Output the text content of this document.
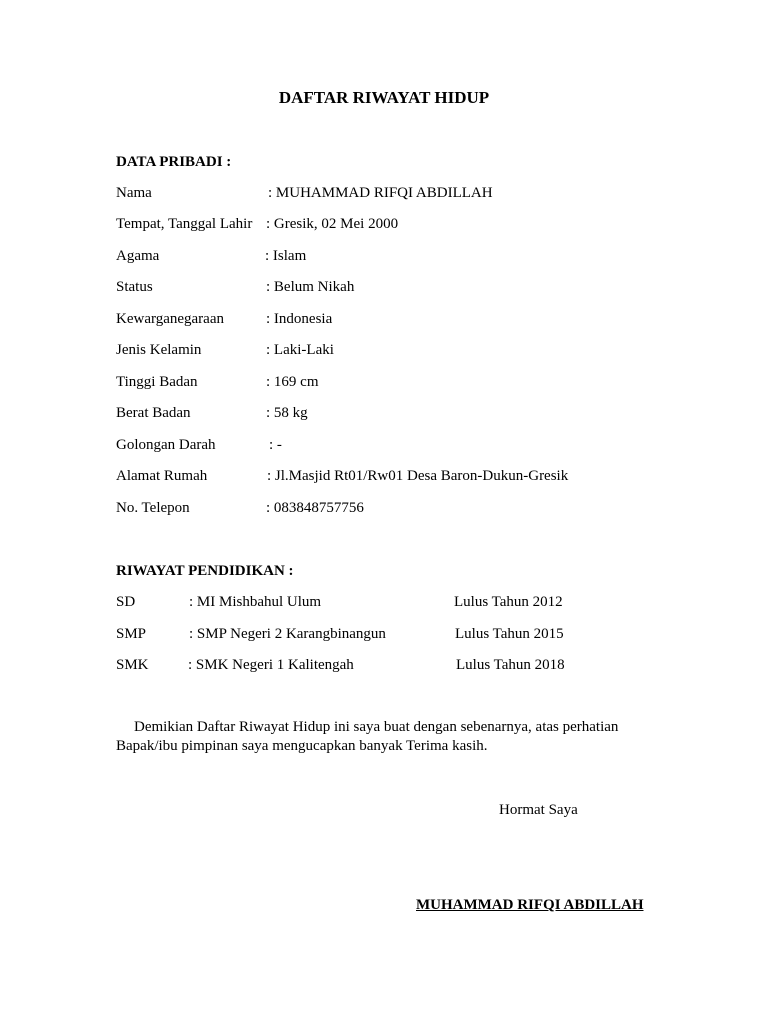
DAFTAR RIWAYAT HIDUP
DATA PRIBADI :
Nama	: MUHAMMAD RIFQI ABDILLAH
Tempat, Tanggal Lahir : Gresik, 02 Mei 2000
Agama	: Islam
Status	: Belum Nikah
Kewarganegaraan	: Indonesia
Jenis Kelamin	: Laki-Laki
Tinggi Badan	: 169 cm
Berat Badan	: 58 kg
Golongan Darah	: -
Alamat Rumah	: Jl.Masjid Rt01/Rw01 Desa Baron-Dukun-Gresik
No. Telepon	: 083848757756
RIWAYAT PENDIDIKAN :
SD	: MI Mishbahul Ulum	Lulus Tahun 2012
SMP	: SMP Negeri 2 Karangbinangun	Lulus Tahun 2015
SMK	: SMK Negeri 1 Kalitengah	Lulus Tahun 2018
Demikian Daftar Riwayat Hidup ini saya buat dengan sebenarnya, atas perhatian Bapak/ibu pimpinan saya mengucapkan banyak Terima kasih.
Hormat Saya
MUHAMMAD RIFQI ABDILLAH
